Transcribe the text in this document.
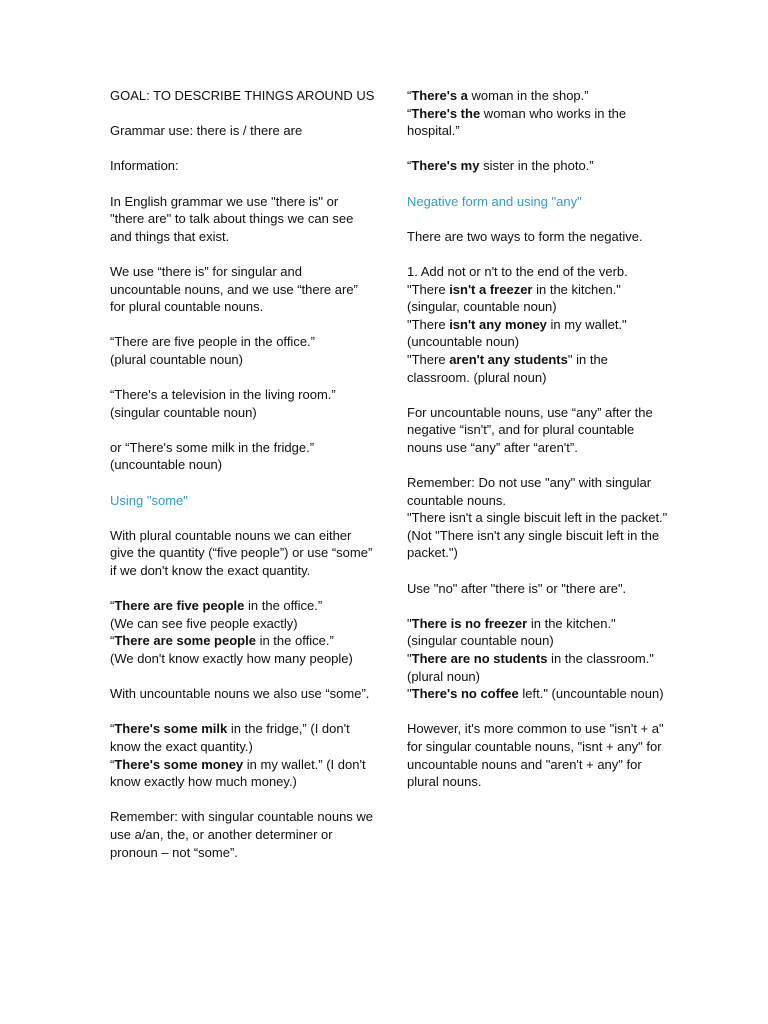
GOAL: TO DESCRIBE THINGS AROUND US

Grammar use: there is / there are

Information:

In English grammar we use "there is" or "there are" to talk about things we can see and things that exist.

We use “there is” for singular and uncountable nouns, and we use “there are” for plural countable nouns.

“There are five people in the office.”
(plural countable noun)

“There's a television in the living room.” (singular countable noun)

or “There's some milk in the fridge.”
(uncountable noun)

Using "some"

With plural countable nouns we can either give the quantity (“five people”) or use “some” if we don't know the exact quantity.

“There are five people in the office.”
(We can see five people exactly)
“There are some people in the office.”
(We don't know exactly how many people)

With uncountable nouns we also use “some”.

“There's some milk in the fridge,” (I don't know the exact quantity.)
“There's some money in my wallet.” (I don't know exactly how much money.)

Remember: with singular countable nouns we use a/an, the, or another determiner or pronoun – not “some”.

“There's a woman in the shop.”
“There's the woman who works in the hospital.”

“There's my sister in the photo.”

Negative form and using "any"

There are two ways to form the negative.

1. Add not or n't to the end of the verb.
"There isn't a freezer in the kitchen."
(singular, countable noun)
"There isn't any money in my wallet."
(uncountable noun)
"There aren't any students" in the classroom. (plural noun)

For uncountable nouns, use “any” after the negative “isn't”, and for plural countable nouns use “any” after “aren't”.

Remember: Do not use "any" with singular countable nouns.
"There isn't a single biscuit left in the packet." (Not "There isn't any single biscuit left in the packet.")

Use "no" after "there is" or "there are".

"There is no freezer in the kitchen."
(singular countable noun)
"There are no students in the classroom." (plural noun)
"There's no coffee left." (uncountable noun)

However, it's more common to use "isn't + a" for singular countable nouns, "isnt + any" for uncountable nouns and "aren't + any" for plural nouns.
